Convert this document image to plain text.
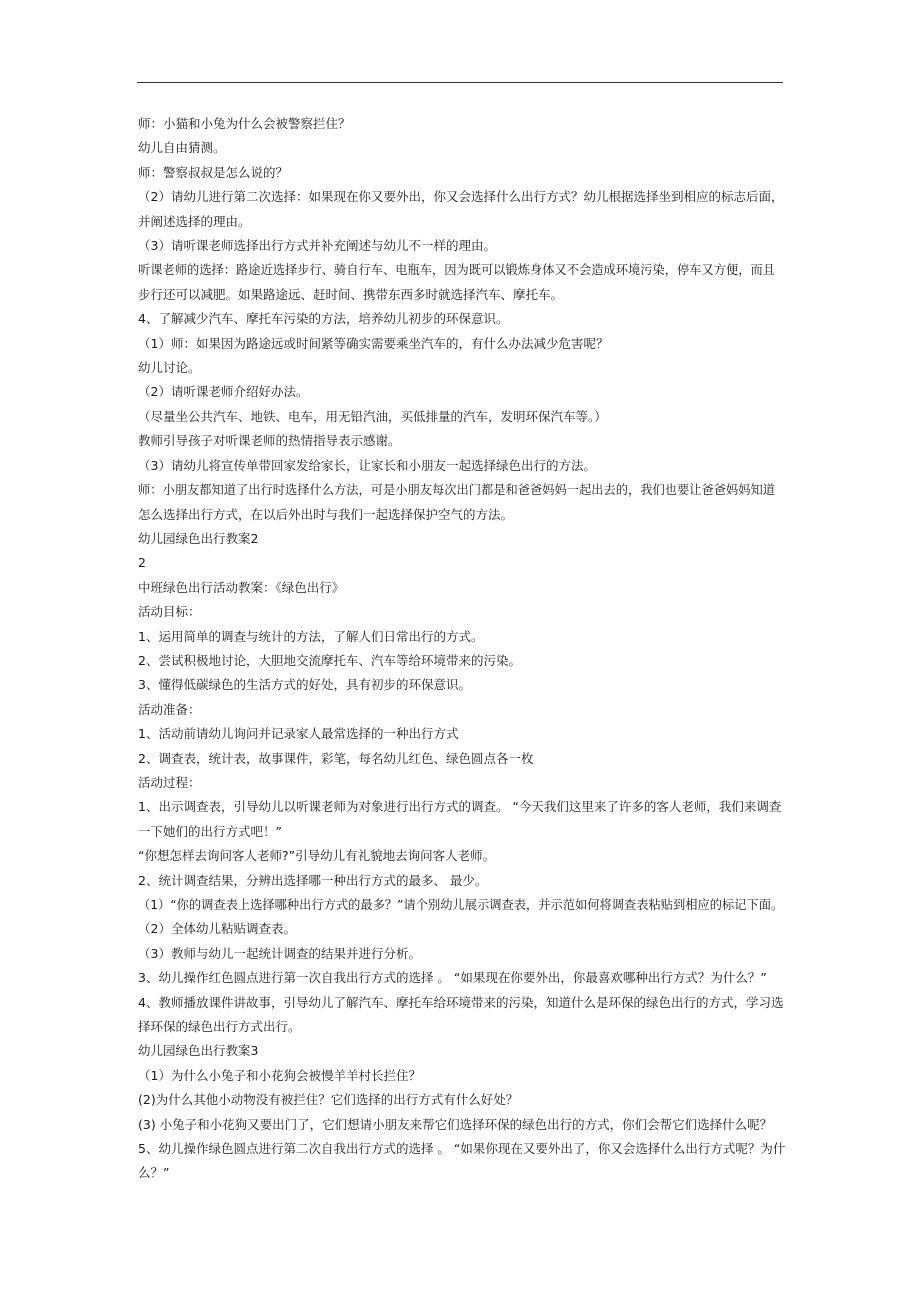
师：小猫和小兔为什么会被警察拦住？
幼儿自由猜测。
师：警察叔叔是怎么说的？
（2）请幼儿进行第二次选择：如果现在你又要外出，你又会选择什么出行方式？幼儿根据选择坐到相应的标志后面，
并阐述选择的理由。
（3）请听课老师选择出行方式并补充阐述与幼儿不一样的理由。
听课老师的选择：路途近选择步行、骑自行车、电瓶车，因为既可以锻炼身体又不会造成环境污染，停车又方便，而且
步行还可以减肥。如果路途远、赶时间、携带东西多时就选择汽车、摩托车。
4、了解减少汽车、摩托车污染的方法，培养幼儿初步的环保意识。
（1）师：如果因为路途远或时间紧等确实需要乘坐汽车的，有什么办法减少危害呢？
幼儿讨论。
（2）请听课老师介绍好办法。
（尽量坐公共汽车、地铁、电车，用无铅汽油，买低排量的汽车，发明环保汽车等。）
教师引导孩子对听课老师的热情指导表示感谢。
（3）请幼儿将宣传单带回家发给家长，让家长和小朋友一起选择绿色出行的方法。
师：小朋友都知道了出行时选择什么方法，可是小朋友每次出门都是和爸爸妈妈一起出去的，我们也要让爸爸妈妈知道
怎么选择出行方式，在以后外出时与我们一起选择保护空气的方法。
幼儿园绿色出行教案2
2
中班绿色出行活动教案：《绿色出行》
活动目标：
1、运用简单的调查与统计的方法，了解人们日常出行的方式。
2、尝试积极地讨论，大胆地交流摩托车、汽车等给环境带来的污染。
3、懂得低碳绿色的生活方式的好处，具有初步的环保意识。
活动准备：
1、活动前请幼儿询问并记录家人最常选择的一种出行方式
2、调查表，统计表，故事课件，彩笔，每名幼儿红色、绿色圆点各一枚
活动过程：
1、出示调查表，引导幼儿以听课老师为对象进行出行方式的调查。 “今天我们这里来了许多的客人老师，我们来调查
一下她们的出行方式吧！”
“你想怎样去询问客人老师?”引导幼儿有礼貌地去询问客人老师。
2、统计调查结果，分辨出选择哪一种出行方式的最多、 最少。
（1）“你的调查表上选择哪种出行方式的最多？”请个别幼儿展示调查表，并示范如何将调查表粘贴到相应的标记下面。
（2）全体幼儿粘贴调查表。
（3）教师与幼儿一起统计调查的结果并进行分析。
3、幼儿操作红色圆点进行第一次自我出行方式的选择 。 “如果现在你要外出，你最喜欢哪种出行方式？为什么？”
4、教师播放课件讲故事，引导幼儿了解汽车、摩托车给环境带来的污染，知道什么是环保的绿色出行的方式，学习选
择环保的绿色出行方式出行。
幼儿园绿色出行教案3
（1）为什么小兔子和小花狗会被慢羊羊村长拦住？
(2)为什么其他小动物没有被拦住？它们选择的出行方式有什么好处？
(3) 小兔子和小花狗又要出门了，它们想请小朋友来帮它们选择环保的绿色出行的方式，你们会帮它们选择什么呢？
5、幼儿操作绿色圆点进行第二次自我出行方式的选择 。 “如果你现在又要外出了，你又会选择什么出行方式呢？为什
么？”
